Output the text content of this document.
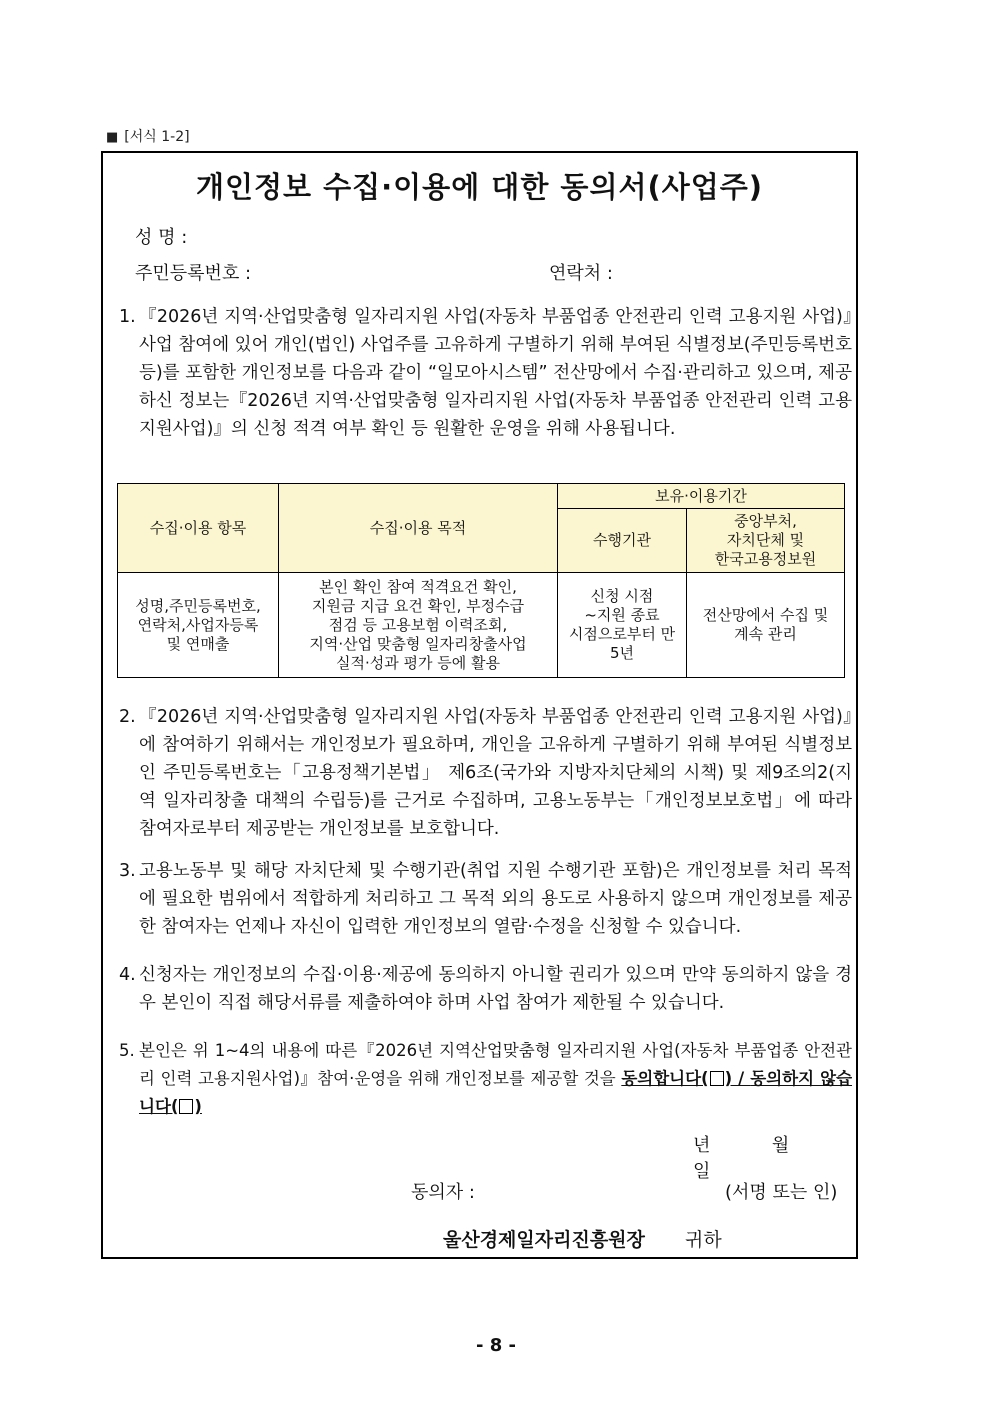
■ [서식 1-2]
개인정보 수집·이용에 대한 동의서(사업주)
성 명 :
주민등록번호 :	연락처 :
1. 『2026년 지역·산업맞춤형 일자리지원 사업(자동차 부품업종 안전관리 인력 고용지원 사업)』사업 참여에 있어 개인(법인) 사업주를 고유하게 구별하기 위해 부여된 식별정보(주민등록번호 등)를 포함한 개인정보를 다음과 같이 “일모아시스템” 전산망에서 수집·관리하고 있으며, 제공하신 정보는『2026년 지역·산업맞춤형 일자리지원 사업(자동차 부품업종 안전관리 인력 고용지원사업)』의 신청 적격 여부 확인 등 원활한 운영을 위해 사용됩니다.
수집·이용 항목	수집·이용 목적	보유·이용기간	
		수행기관	중앙부처,
자치단체 및
한국고용정보원
성명,주민등록번호,
연락처,사업자등록
및 연매출	본인 확인 참여 적격요건 확인,
지원금 지급 요건 확인, 부정수급
점검 등 고용보험 이력조회,
지역·산업 맞춤형 일자리창출사업
실적·성과 평가 등에 활용	신청 시점
~지원 종료
시점으로부터 만
5년	전산망에서 수집 및
계속 관리
2. 『2026년 지역·산업맞춤형 일자리지원 사업(자동차 부품업종 안전관리 인력 고용지원 사업)』에 참여하기 위해서는 개인정보가 필요하며, 개인을 고유하게 구별하기 위해 부여된 식별정보인 주민등록번호는「고용정책기본법」 제6조(국가와 지방자치단체의 시책) 및 제9조의2(지역 일자리창출 대책의 수립등)를 근거로 수집하며, 고용노동부는「개인정보보호법」에 따라 참여자로부터 제공받는 개인정보를 보호합니다.
3. 고용노동부 및 해당 자치단체 및 수행기관(취업 지원 수행기관 포함)은 개인정보를 처리 목적에 필요한 범위에서 적합하게 처리하고 그 목적 외의 용도로 사용하지 않으며 개인정보를 제공한 참여자는 언제나 자신이 입력한 개인정보의 열람·수정을 신청할 수 있습니다.
4. 신청자는 개인정보의 수집·이용·제공에 동의하지 아니할 권리가 있으며 만약 동의하지 않을 경우 본인이 직접 해당서류를 제출하여야 하며 사업 참여가 제한될 수 있습니다.
5. 본인은 위 1~4의 내용에 따른『2026년 지역산업맞춤형 일자리지원 사업(자동차 부품업종 안전관리 인력 고용지원사업)』참여·운영을 위해 개인정보를 제공할 것을 동의합니다( ) / 동의하지 않습니다( )
년	월  일
동의자 :	(서명 또는 인)
울산경제일자리진흥원장 귀하
- 8 -
